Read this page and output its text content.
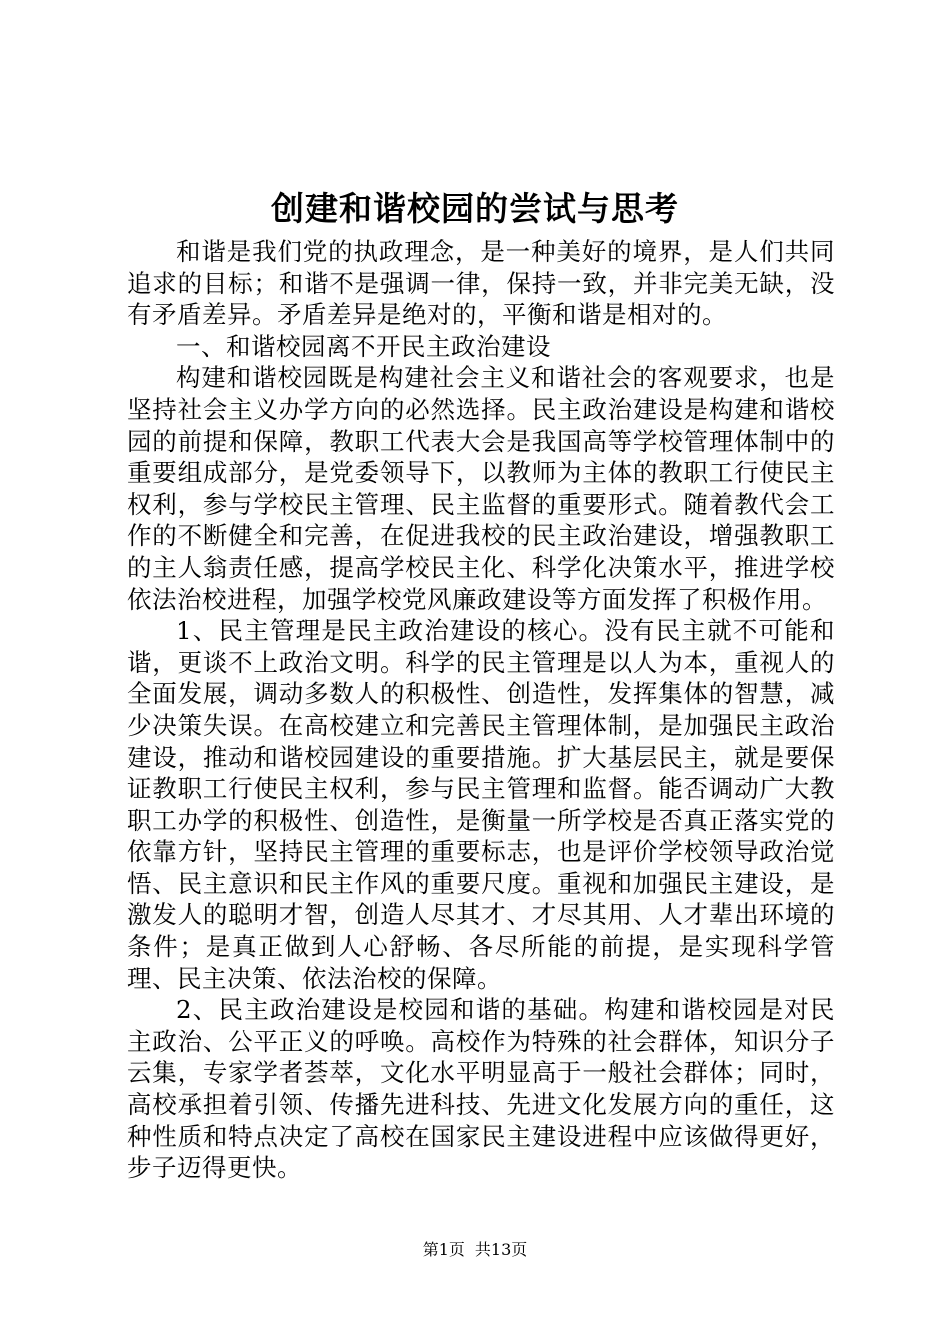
创建和谐校园的尝试与思考

和谐是我们党的执政理念，是一种美好的境界，是人们共同追求的目标；和谐不是强调一律，保持一致，并非完美无缺，没有矛盾差异。矛盾差异是绝对的，平衡和谐是相对的。

一、和谐校园离不开民主政治建设

构建和谐校园既是构建社会主义和谐社会的客观要求，也是坚持社会主义办学方向的必然选择。民主政治建设是构建和谐校园的前提和保障，教职工代表大会是我国高等学校管理体制中的重要组成部分，是党委领导下，以教师为主体的教职工行使民主权利，参与学校民主管理、民主监督的重要形式。随着教代会工作的不断健全和完善，在促进我校的民主政治建设，增强教职工的主人翁责任感，提高学校民主化、科学化决策水平，推进学校依法治校进程，加强学校党风廉政建设等方面发挥了积极作用。

1、民主管理是民主政治建设的核心。没有民主就不可能和谐，更谈不上政治文明。科学的民主管理是以人为本，重视人的全面发展，调动多数人的积极性、创造性，发挥集体的智慧，减少决策失误。在高校建立和完善民主管理体制，是加强民主政治建设，推动和谐校园建设的重要措施。扩大基层民主，就是要保证教职工行使民主权利，参与民主管理和监督。能否调动广大教职工办学的积极性、创造性，是衡量一所学校是否真正落实党的依靠方针，坚持民主管理的重要标志，也是评价学校领导政治觉悟、民主意识和民主作风的重要尺度。重视和加强民主建设，是激发人的聪明才智，创造人尽其才、才尽其用、人才辈出环境的条件；是真正做到人心舒畅、各尽所能的前提，是实现科学管理、民主决策、依法治校的保障。

2、民主政治建设是校园和谐的基础。构建和谐校园是对民主政治、公平正义的呼唤。高校作为特殊的社会群体，知识分子云集，专家学者荟萃，文化水平明显高于一般社会群体；同时，高校承担着引领、传播先进科技、先进文化发展方向的重任，这种性质和特点决定了高校在国家民主建设进程中应该做得更好，步子迈得更快。

第1页 共13页
